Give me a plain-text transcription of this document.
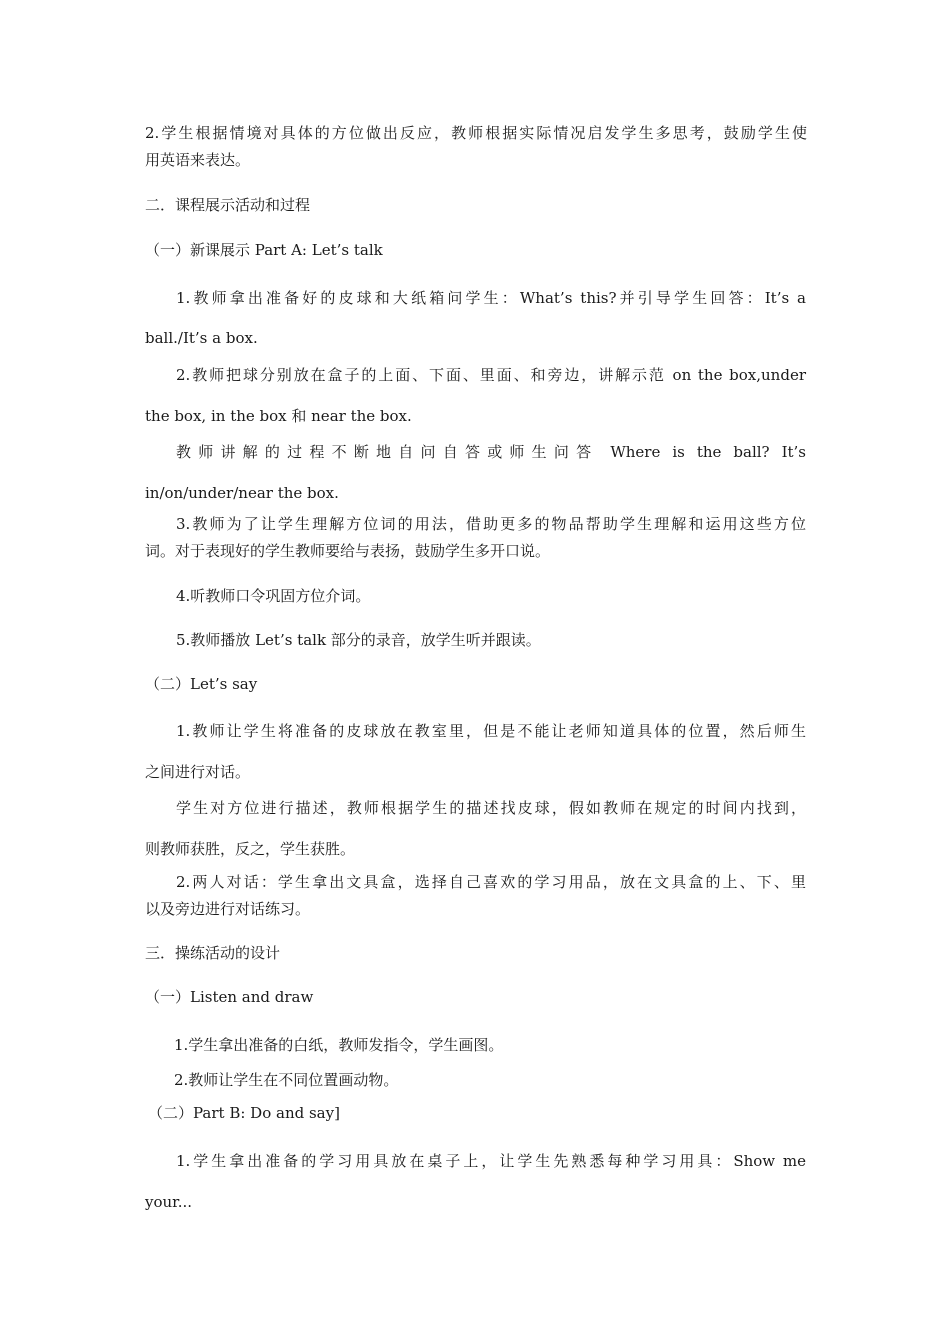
2.学生根据情境对具体的方位做出反应，教师根据实际情况启发学生多思考，鼓励学生使

用英语来表达。

二．课程展示活动和过程

（一）新课展示 Part A: Let’s talk

1.教师拿出准备好的皮球和大纸箱问学生：What’s this?并引导学生回答：It’s a

ball./It’s a box.

2.教师把球分别放在盒子的上面、下面、里面、和旁边，讲解示范 on the box,under

the box, in the box 和 near the box.

教师讲解的过程不断地自问自答或师生问答 Where is the ball? It’s

in/on/under/near the box.

3.教师为了让学生理解方位词的用法，借助更多的物品帮助学生理解和运用这些方位

词。对于表现好的学生教师要给与表扬，鼓励学生多开口说。

4.听教师口令巩固方位介词。

5.教师播放 Let’s talk 部分的录音，放学生听并跟读。

（二）Let’s say

1.教师让学生将准备的皮球放在教室里，但是不能让老师知道具体的位置，然后师生

之间进行对话。

学生对方位进行描述，教师根据学生的描述找皮球，假如教师在规定的时间内找到，

则教师获胜，反之，学生获胜。

2.两人对话：学生拿出文具盒，选择自己喜欢的学习用品，放在文具盒的上、下、里

以及旁边进行对话练习。

三．操练活动的设计

（一）Listen and draw

1.学生拿出准备的白纸，教师发指令，学生画图。

2.教师让学生在不同位置画动物。

（二）Part B: Do and say]

1.学生拿出准备的学习用具放在桌子上，让学生先熟悉每种学习用具：Show me

your...
